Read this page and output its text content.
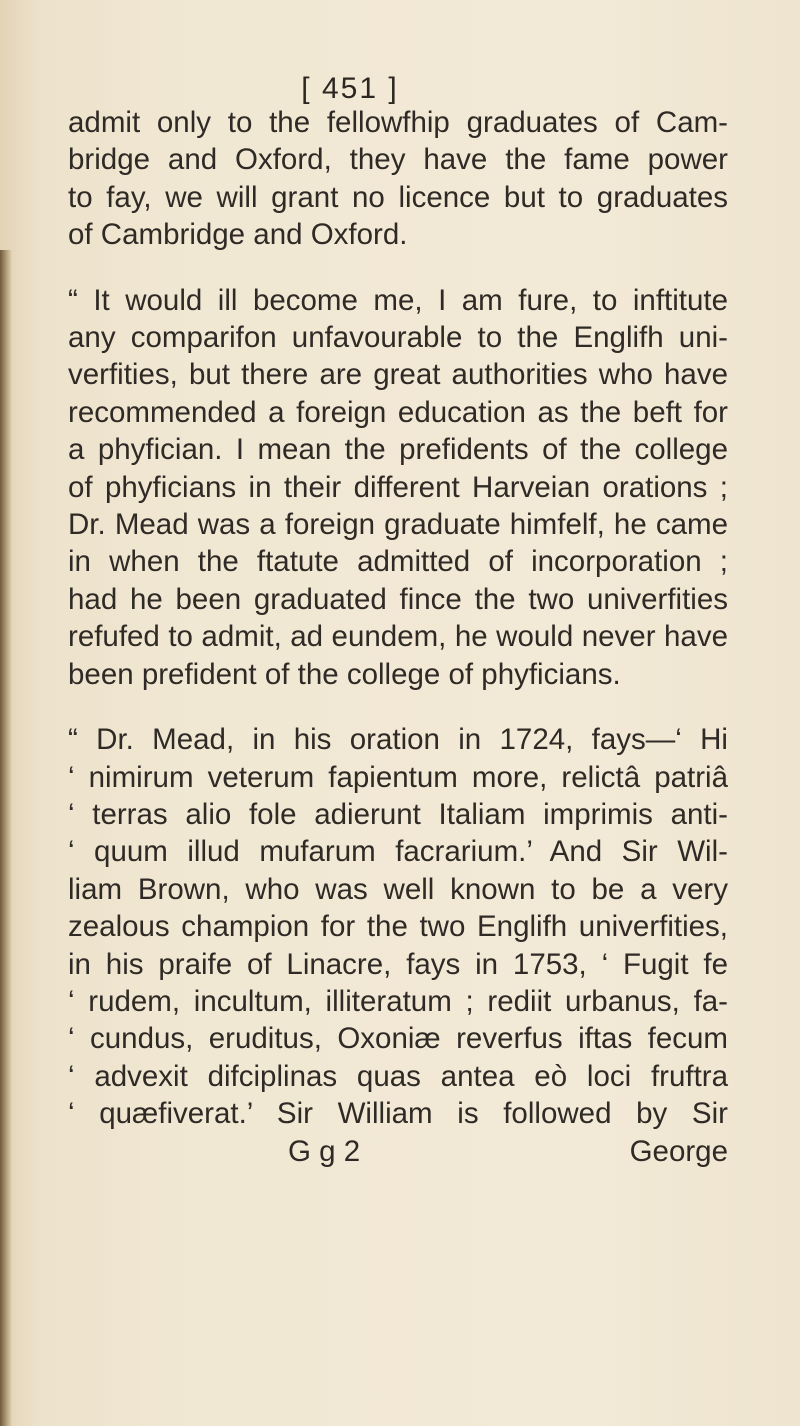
[ 451 ]
admit only to the fellowfhip graduates of Cam-
bridge and Oxford, they have the fame power
to fay, we will grant no licence but to graduates
of Cambridge and Oxford.
“ It would ill become me, I am fure, to inftitute
any comparifon unfavourable to the Englifh uni-
verfities, but there are great authorities who have
recommended a foreign education as the beft for
a phyfician. I mean the prefidents of the college
of phyficians in their different Harveian orations ;
Dr. Mead was a foreign graduate himfelf, he came
in when the ftatute admitted of incorporation ;
had he been graduated fince the two univerfities
refufed to admit, ad eundem, he would never have
been prefident of the college of phyficians.
“ Dr. Mead, in his oration in 1724, fays—‘ Hi
‘ nimirum veterum fapientum more, relictâ patriâ
‘ terras alio fole adierunt Italiam imprimis anti-
‘ quum illud mufarum facrarium.’ And Sir Wil-
liam Brown, who was well known to be a very
zealous champion for the two Englifh univerfities,
in his praife of Linacre, fays in 1753, ‘ Fugit fe
‘ rudem, incultum, illiteratum ; rediit urbanus, fa-
‘ cundus, eruditus, Oxoniæ reverfus iftas fecum
‘ advexit difciplinas quas antea eò loci fruftra
‘ quæfiverat.’ Sir William is followed by Sir
G g 2	George
